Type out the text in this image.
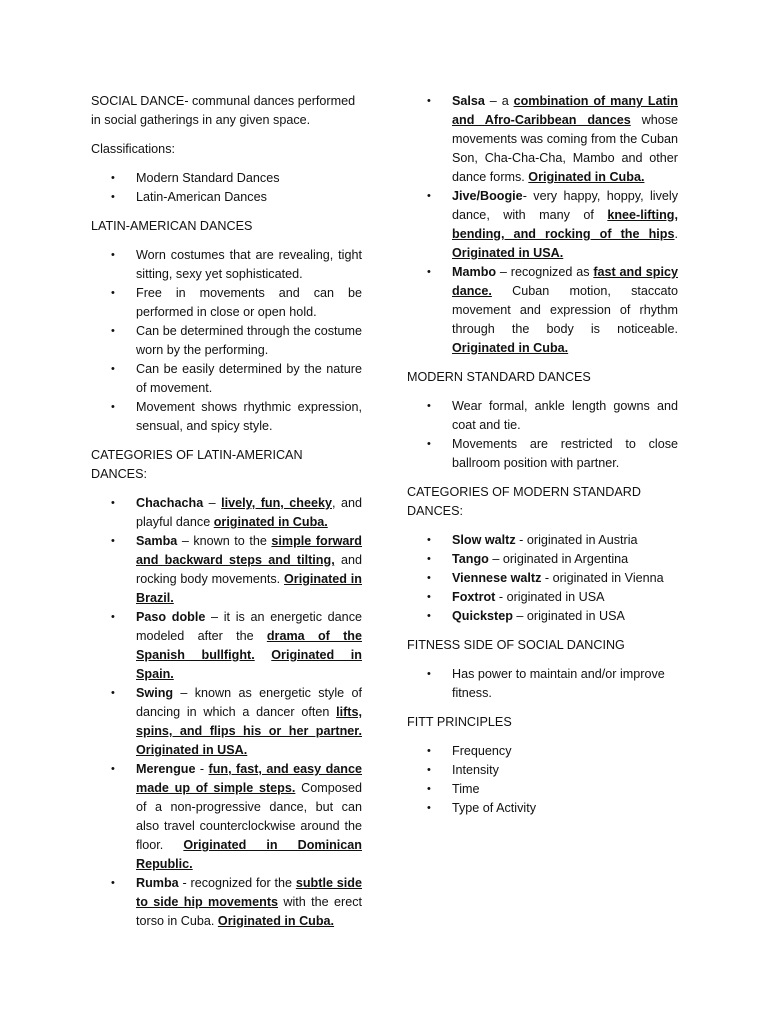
SOCIAL DANCE- communal dances performed in social gatherings in any given space.

Classifications:

• Modern Standard Dances
• Latin-American Dances

LATIN-AMERICAN DANCES

• Worn costumes that are revealing, tight sitting, sexy yet sophisticated.
• Free in movements and can be performed in close or open hold.
• Can be determined through the costume worn by the performing.
• Can be easily determined by the nature of movement.
• Movement shows rhythmic expression, sensual, and spicy style.

CATEGORIES OF LATIN-AMERICAN DANCES:

• Chachacha – lively, fun, cheeky, and playful dance originated in Cuba.
• Samba – known to the simple forward and backward steps and tilting, and rocking body movements. Originated in Brazil.
• Paso doble – it is an energetic dance modeled after the drama of the Spanish bullfight. Originated in Spain.
• Swing – known as energetic style of dancing in which a dancer often lifts, spins, and flips his or her partner. Originated in USA.
• Merengue - fun, fast, and easy dance made up of simple steps. Composed of a non-progressive dance, but can also travel counterclockwise around the floor. Originated in Dominican Republic.
• Rumba - recognized for the subtle side to side hip movements with the erect torso in Cuba. Originated in Cuba.
• Salsa – a combination of many Latin and Afro-Caribbean dances whose movements was coming from the Cuban Son, Cha-Cha-Cha, Mambo and other dance forms. Originated in Cuba.
• Jive/Boogie- very happy, hoppy, lively dance, with many of knee-lifting, bending, and rocking of the hips. Originated in USA.
• Mambo – recognized as fast and spicy dance. Cuban motion, staccato movement and expression of rhythm through the body is noticeable. Originated in Cuba.

MODERN STANDARD DANCES

• Wear formal, ankle length gowns and coat and tie.
• Movements are restricted to close ballroom position with partner.

CATEGORIES OF MODERN STANDARD DANCES:

• Slow waltz - originated in Austria
• Tango – originated in Argentina
• Viennese waltz - originated in Vienna
• Foxtrot - originated in USA
• Quickstep – originated in USA

FITNESS SIDE OF SOCIAL DANCING

• Has power to maintain and/or improve fitness.

FITT PRINCIPLES

• Frequency
• Intensity
• Time
• Type of Activity
